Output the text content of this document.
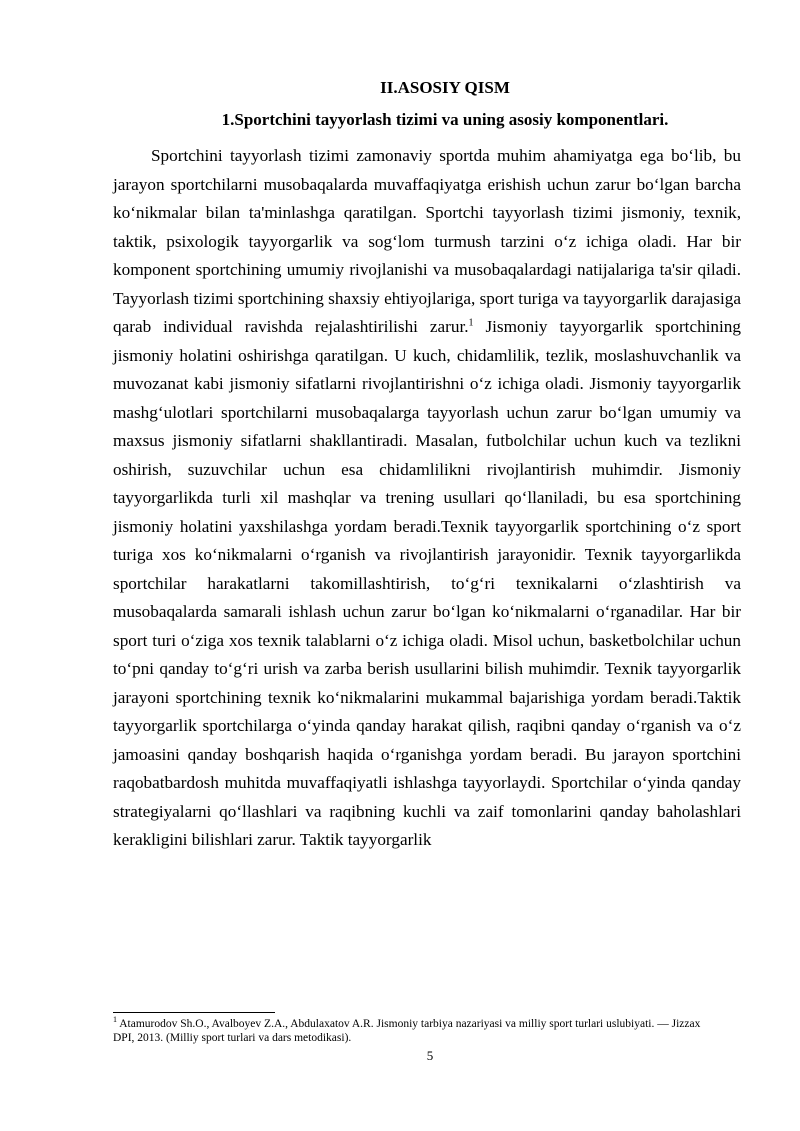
II.ASOSIY QISM
1.Sportchini tayyorlash tizimi va uning asosiy komponentlari.

Sportchini tayyorlash tizimi zamonaviy sportda muhim ahamiyatga ega bo‘lib, bu jarayon sportchilarni musobaqalarda muvaffaqiyatga erishish uchun zarur bo‘lgan barcha ko‘nikmalar bilan ta'minlashga qaratilgan. Sportchi tayyorlash tizimi jismoniy, texnik, taktik, psixologik tayyorgarlik va sog‘lom turmush tarzini o‘z ichiga oladi. Har bir komponent sportchining umumiy rivojlanishi va musobaqalardagi natijalariga ta'sir qiladi. Tayyorlash tizimi sportchining shaxsiy ehtiyojlariga, sport turiga va tayyorgarlik darajasiga qarab individual ravishda rejalashtirilishi zarur.$^1$ Jismoniy tayyorgarlik sportchining jismoniy holatini oshirishga qaratilgan. U kuch, chidamlilik, tezlik, moslashuvchanlik va muvozanat kabi jismoniy sifatlarni rivojlantirishni o‘z ichiga oladi. Jismoniy tayyorgarlik mashg‘ulotlari sportchilarni musobaqalarga tayyorlash uchun zarur bo‘lgan umumiy va maxsus jismoniy sifatlarni shakllantiradi. Masalan, futbolchilar uchun kuch va tezlikni oshirish, suzuvchilar uchun esa chidamlilikni rivojlantirish muhimdir. Jismoniy tayyorgarlikda turli xil mashqlar va trening usullari qo‘llaniladi, bu esa sportchining jismoniy holatini yaxshilashga yordam beradi.Texnik tayyorgarlik sportchining o‘z sport turiga xos ko‘nikmalarni o‘rganish va rivojlantirish jarayonidir. Texnik tayyorgarlikda sportchilar harakatlarni takomillashtirish, to‘g‘ri texnikalarni o‘zlashtirish va musobaqalarda samarali ishlash uchun zarur bo‘lgan ko‘nikmalarni o‘rganadilar. Har bir sport turi o‘ziga xos texnik talablarni o‘z ichiga oladi. Misol uchun, basketbolchilar uchun to‘pni qanday to‘g‘ri urish va zarba berish usullarini bilish muhimdir. Texnik tayyorgarlik jarayoni sportchining texnik ko‘nikmalarini mukammal bajarishiga yordam beradi.Taktik tayyorgarlik sportchilarga o‘yinda qanday harakat qilish, raqibni qanday o‘rganish va o‘z jamoasini qanday boshqarish haqida o‘rganishga yordam beradi. Bu jarayon sportchini raqobatbardosh muhitda muvaffaqiyatli ishlashga tayyorlaydi. Sportchilar o‘yinda qanday strategiyalarni qo‘llashlari va raqibning kuchli va zaif tomonlarini qanday baholashlari kerakligini bilishlari zarur. Taktik tayyorgarlik

$^1$ Atamurodov Sh.O., Avalboyev Z.A., Abdulaxatov A.R. Jismoniy tarbiya nazariyasi va milliy sport turlari uslubiyati. — Jizzax DPI, 2013. (Milliy sport turlari va dars metodikasi).

5
